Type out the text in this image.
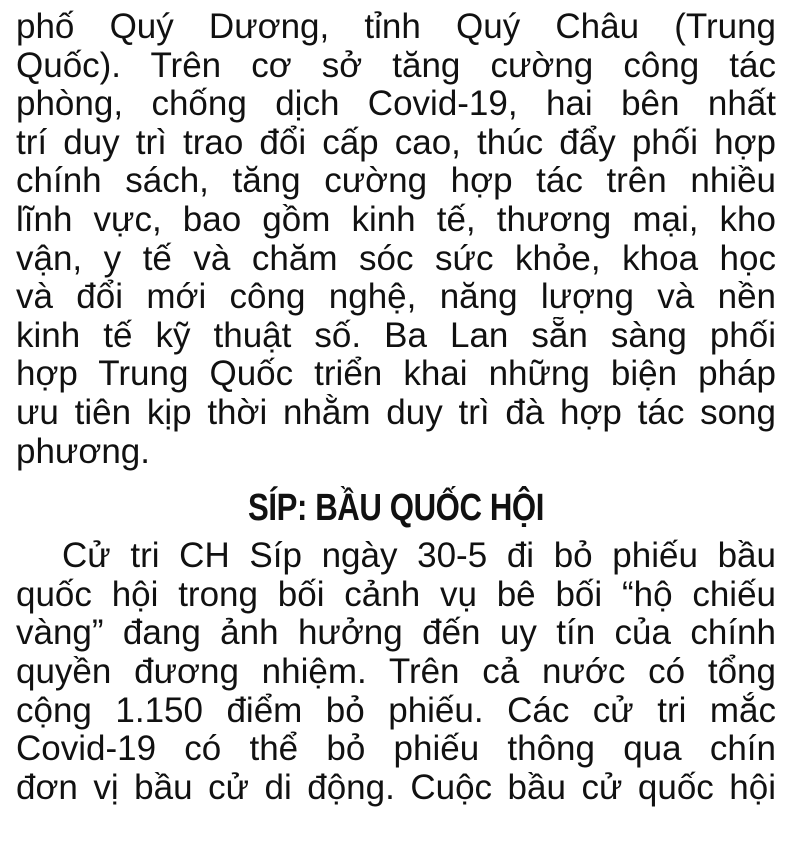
phố Quý Dương, tỉnh Quý Châu (Trung
Quốc). Trên cơ sở tăng cường công tác
phòng, chống dịch Covid-19, hai bên nhất
trí duy trì trao đổi cấp cao, thúc đẩy phối hợp
chính sách, tăng cường hợp tác trên nhiều
lĩnh vực, bao gồm kinh tế, thương mại, kho
vận, y tế và chăm sóc sức khỏe, khoa học
và đổi mới công nghệ, năng lượng và nền
kinh tế kỹ thuật số. Ba Lan sẵn sàng phối
hợp Trung Quốc triển khai những biện pháp
ưu tiên kịp thời nhằm duy trì đà hợp tác song
phương.
SÍP: BẦU QUỐC HỘI
Cử tri CH Síp ngày 30-5 đi bỏ phiếu bầu
quốc hội trong bối cảnh vụ bê bối “hộ chiếu
vàng” đang ảnh hưởng đến uy tín của chính
quyền đương nhiệm. Trên cả nước có tổng
cộng 1.150 điểm bỏ phiếu. Các cử tri mắc
Covid-19 có thể bỏ phiếu thông qua chín
đơn vị bầu cử di động. Cuộc bầu cử quốc hội
